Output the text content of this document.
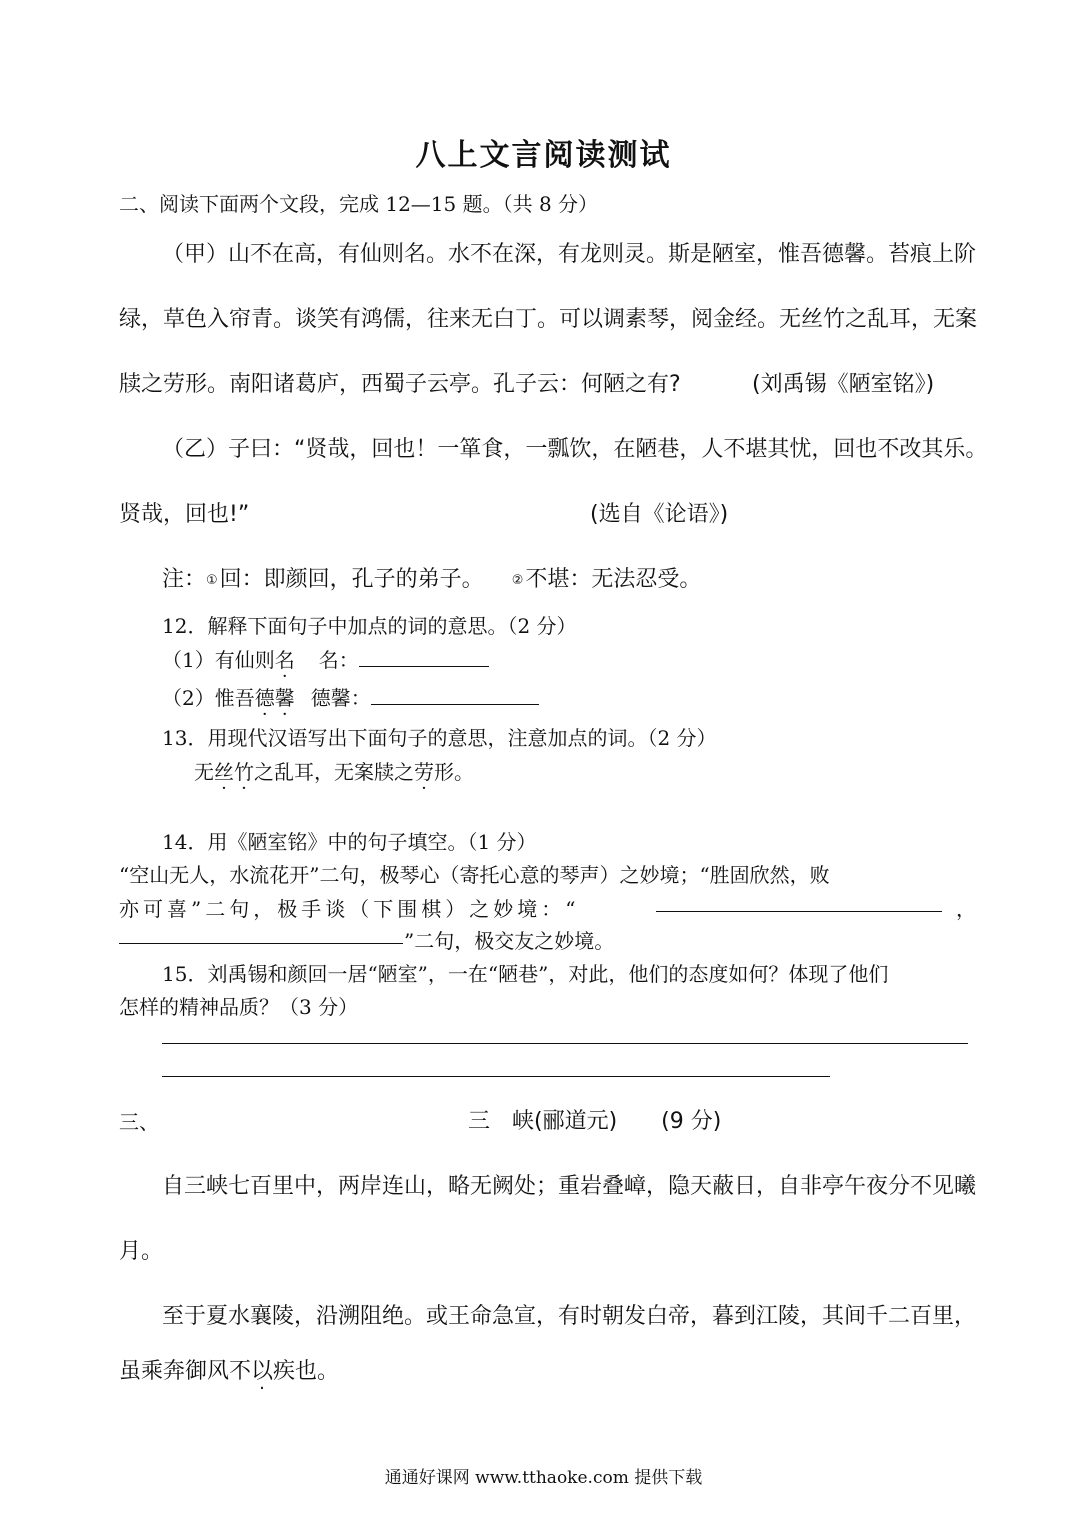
八上文言阅读测试
二、阅读下面两个文段，完成 12—15 题。（共 8 分）
（甲）山不在高，有仙则名。水不在深，有龙则灵。斯是陋室，惟吾德馨。苔痕上阶
绿，草色入帘青。谈笑有鸿儒，往来无白丁。可以调素琴，阅金经。无丝竹之乱耳，无案
牍之劳形。南阳诸葛庐，西蜀子云亭。孔子云：何陋之有?	(刘禹锡《陋室铭》)
（乙）子曰：“贤哉，回也！一箪食，一瓢饮，在陋巷，人不堪其忧，回也不改其乐。
贤哉，回也!”	(选自《论语》)
注：①回：即颜回，孔子的弟子。 ②不堪：无法忍受。
12．解释下面句子中加点的词的意思。（2 分）
（1）有仙则名 名：
（2）惟吾德馨 德馨：
13．用现代汉语写出下面句子的意思，注意加点的词。（2 分）
无丝竹之乱耳，无案牍之劳形。
14．用《陋室铭》中的句子填空。（1 分）
“空山无人，水流花开”二句，极琴心（寄托心意的琴声）之妙境；“胜固欣然，败
亦可喜”二句，极手谈（下围棋）之妙境：“	，
”二句，极交友之妙境。
15．刘禹锡和颜回一居“陋室”，一在“陋巷”，对此，他们的态度如何？体现了他们
怎样的精神品质？（3 分）
三、	三　峡(郦道元)　　(9 分)
自三峡七百里中，两岸连山，略无阙处；重岩叠嶂，隐天蔽日，自非亭午夜分不见曦
月。
至于夏水襄陵，沿溯阻绝。或王命急宣，有时朝发白帝，暮到江陵，其间千二百里，
虽乘奔御风不以疾也。
通通好课网 www.tthaoke.com 提供下载
